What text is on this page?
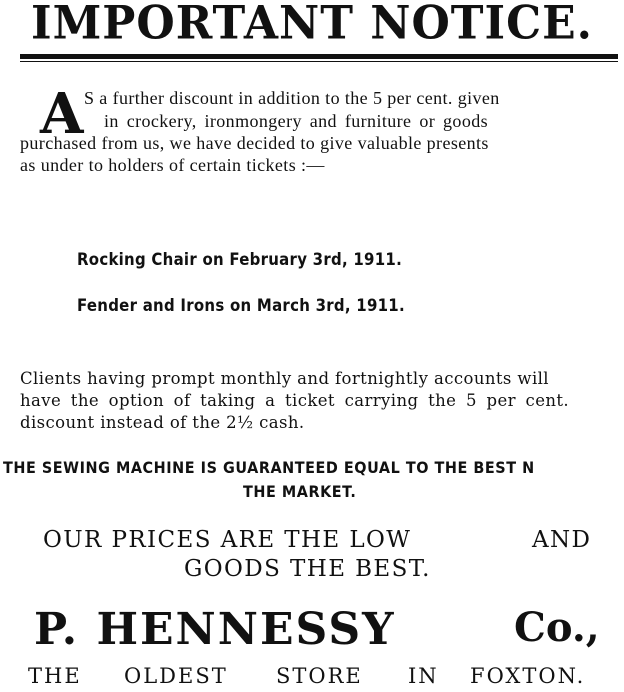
IMPORTANT NOTICE.
A S a further discount in addition to the 5 per cent. given
in crockery, ironmongery and furniture or goods
purchased from us, we have decided to give valuable presents
as under to holders of certain tickets :—
Rocking Chair on February 3rd, 1911.
Fender and Irons on March 3rd, 1911.
Clients having prompt monthly and fortnightly accounts will
have the option of taking a ticket carrying the 5 per cent.
discount instead of the 2½ cash.
THE SEWING MACHINE IS GUARANTEED EQUAL TO THE BEST N
THE MARKET.
OUR PRICES ARE THE LOW	AND
GOODS THE BEST.
P. HENNESSY	Co.,
THE OLDEST STORE IN FOXTON.
